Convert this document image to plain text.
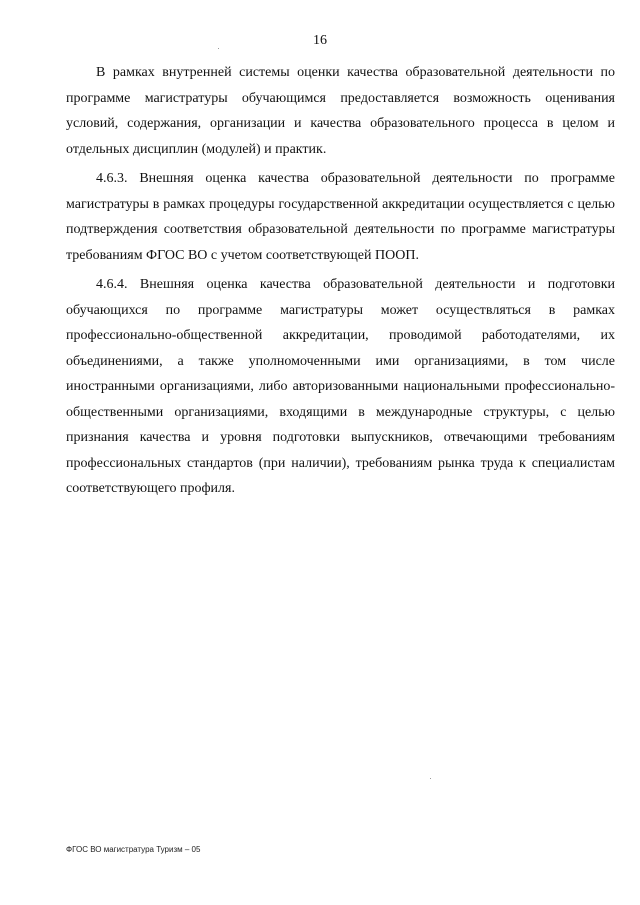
16

В рамках внутренней системы оценки качества образовательной деятельности по программе магистратуры обучающимся предоставляется возможность оценивания условий, содержания, организации и качества образовательного процесса в целом и отдельных дисциплин (модулей) и практик.

4.6.3. Внешняя оценка качества образовательной деятельности по программе магистратуры в рамках процедуры государственной аккредитации осуществляется с целью подтверждения соответствия образовательной деятельности по программе магистратуры требованиям ФГОС ВО с учетом соответствующей ПООП.

4.6.4. Внешняя оценка качества образовательной деятельности и подготовки обучающихся по программе магистратуры может осуществляться в рамках профессионально-общественной аккредитации, проводимой работодателями, их объединениями, а также уполномоченными ими организациями, в том числе иностранными организациями, либо авторизованными национальными профессионально-общественными организациями, входящими в международные структуры, с целью признания качества и уровня подготовки выпускников, отвечающими требованиям профессиональных стандартов (при наличии), требованиям рынка труда к специалистам соответствующего профиля.

ФГОС ВО магистратура Туризм – 05
